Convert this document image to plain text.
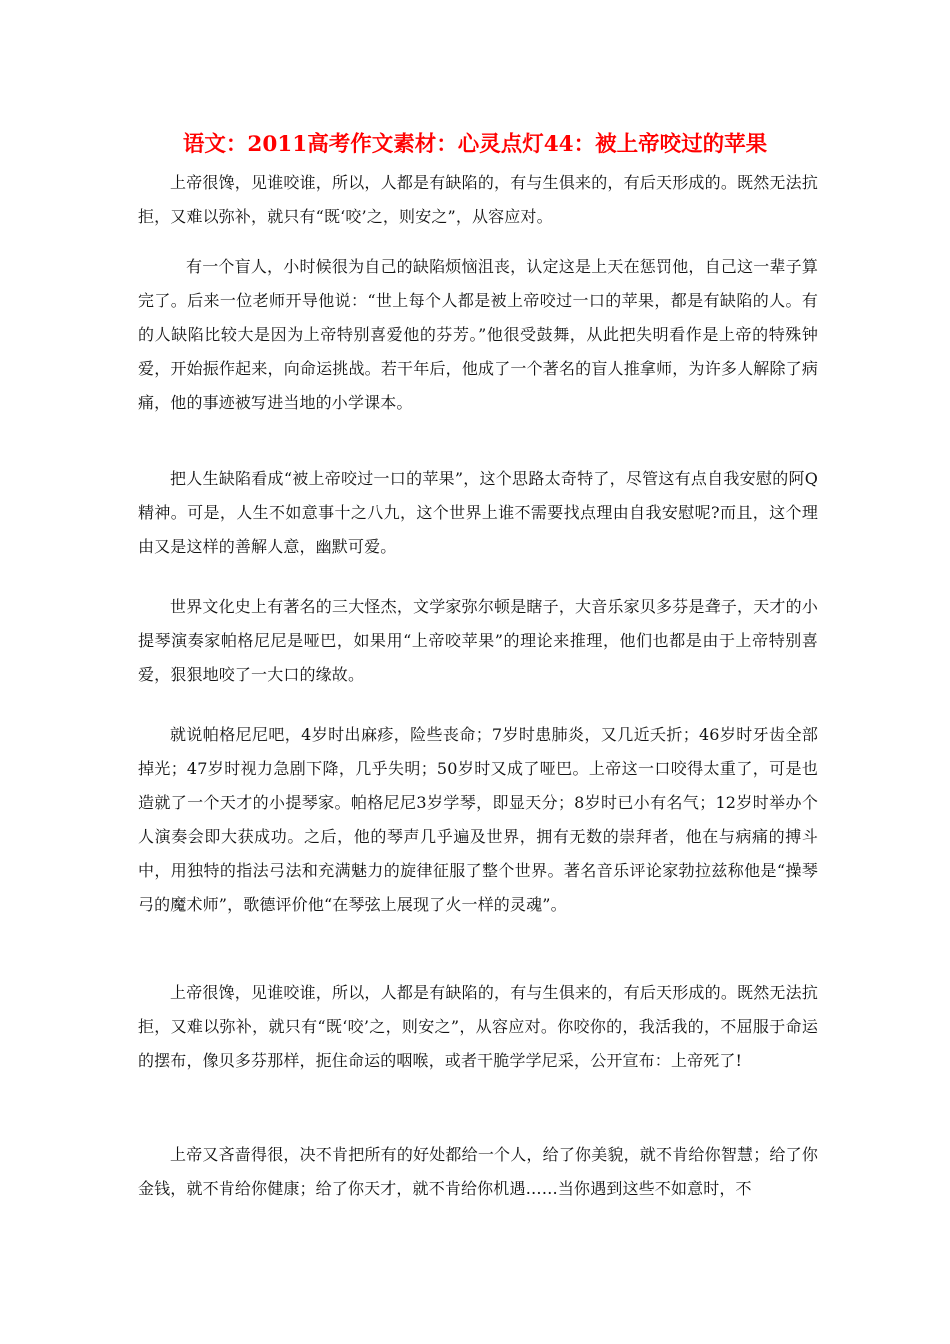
语文：2011高考作文素材：心灵点灯44：被上帝咬过的苹果

上帝很馋，见谁咬谁，所以，人都是有缺陷的，有与生俱来的，有后天形成的。既然无法抗拒，又难以弥补，就只有“既‘咬’之，则安之”，从容应对。

有一个盲人，小时候很为自己的缺陷烦恼沮丧，认定这是上天在惩罚他，自己这一辈子算完了。后来一位老师开导他说：“世上每个人都是被上帝咬过一口的苹果，都是有缺陷的人。有的人缺陷比较大是因为上帝特别喜爱他的芬芳。”他很受鼓舞，从此把失明看作是上帝的特殊钟爱，开始振作起来，向命运挑战。若干年后，他成了一个著名的盲人推拿师，为许多人解除了病痛，他的事迹被写进当地的小学课本。

把人生缺陷看成“被上帝咬过一口的苹果”，这个思路太奇特了，尽管这有点自我安慰的阿Q精神。可是，人生不如意事十之八九，这个世界上谁不需要找点理由自我安慰呢?而且，这个理由又是这样的善解人意，幽默可爱。

世界文化史上有著名的三大怪杰，文学家弥尔顿是瞎子，大音乐家贝多芬是聋子，天才的小提琴演奏家帕格尼尼是哑巴，如果用“上帝咬苹果”的理论来推理，他们也都是由于上帝特别喜爱，狠狠地咬了一大口的缘故。

就说帕格尼尼吧，4岁时出麻疹，险些丧命；7岁时患肺炎，又几近夭折；46岁时牙齿全部掉光；47岁时视力急剧下降，几乎失明；50岁时又成了哑巴。上帝这一口咬得太重了，可是也造就了一个天才的小提琴家。帕格尼尼3岁学琴，即显天分；8岁时已小有名气；12岁时举办个人演奏会即大获成功。之后，他的琴声几乎遍及世界，拥有无数的崇拜者，他在与病痛的搏斗中，用独特的指法弓法和充满魅力的旋律征服了整个世界。著名音乐评论家勃拉兹称他是“操琴弓的魔术师”，歌德评价他“在琴弦上展现了火一样的灵魂”。

上帝很馋，见谁咬谁，所以，人都是有缺陷的，有与生俱来的，有后天形成的。既然无法抗拒，又难以弥补，就只有“既‘咬’之，则安之”，从容应对。你咬你的，我活我的，不屈服于命运的摆布，像贝多芬那样，扼住命运的咽喉，或者干脆学学尼采，公开宣布：上帝死了!

上帝又吝啬得很，决不肯把所有的好处都给一个人，给了你美貌，就不肯给你智慧；给了你金钱，就不肯给你健康；给了你天才，就不肯给你机遇……当你遇到这些不如意时，不
